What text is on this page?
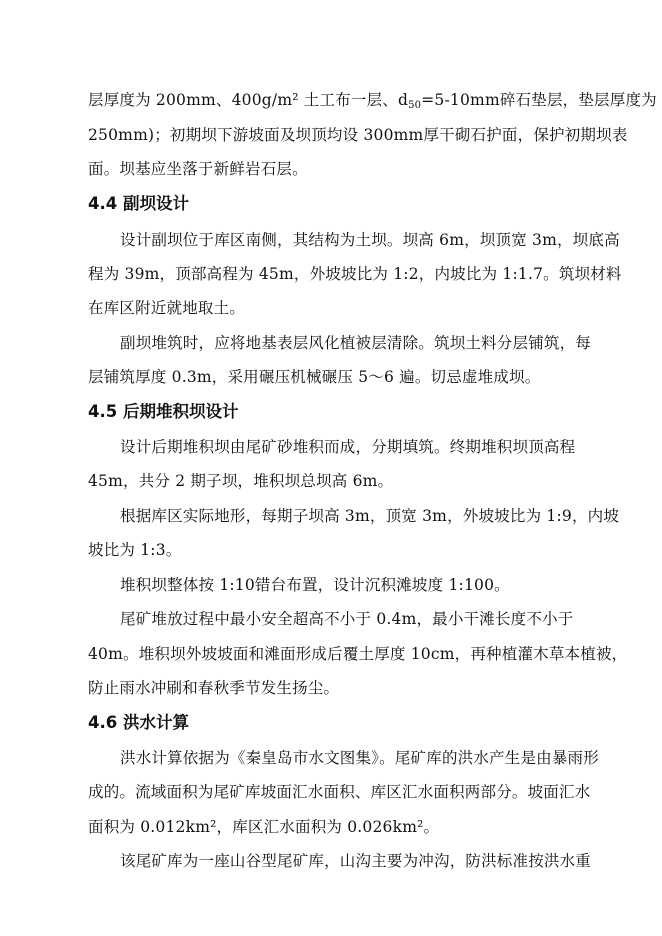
层厚度为 200mm、400g/m² 土工布一层、$d_{50}=5-10mm$碎石垫层，垫层厚度为
250mm)；初期坝下游坡面及坝顶均设 300mm厚干砌石护面，保护初期坝表
面。坝基应坐落于新鲜岩石层。
4.4 副坝设计
设计副坝位于库区南侧，其结构为土坝。坝高 6m，坝顶宽 3m，坝底高
程为 39m，顶部高程为 45m，外坡坡比为 1:2，内坡比为 1:1.7。筑坝材料
在库区附近就地取土。
副坝堆筑时，应将地基表层风化植被层清除。筑坝土料分层铺筑，每
层铺筑厚度 0.3m，采用碾压机械碾压 5～6 遍。切忌虚堆成坝。
4.5 后期堆积坝设计
设计后期堆积坝由尾矿砂堆积而成，分期填筑。终期堆积坝顶高程
45m，共分 2 期子坝，堆积坝总坝高 6m。
根据库区实际地形，每期子坝高 3m，顶宽 3m，外坡坡比为 1:9，内坡
坡比为 1:3。
堆积坝整体按 1:10错台布置，设计沉积滩坡度 1:100。
尾矿堆放过程中最小安全超高不小于 0.4m，最小干滩长度不小于
40m。堆积坝外坡坡面和滩面形成后覆土厚度 10cm，再种植灌木草本植被，
防止雨水冲刷和春秋季节发生扬尘。
4.6 洪水计算
洪水计算依据为《秦皇岛市水文图集》。尾矿库的洪水产生是由暴雨形
成的。流域面积为尾矿库坡面汇水面积、库区汇水面积两部分。坡面汇水
面积为 0.012km²，库区汇水面积为 0.026km²。
该尾矿库为一座山谷型尾矿库，山沟主要为冲沟，防洪标准按洪水重
